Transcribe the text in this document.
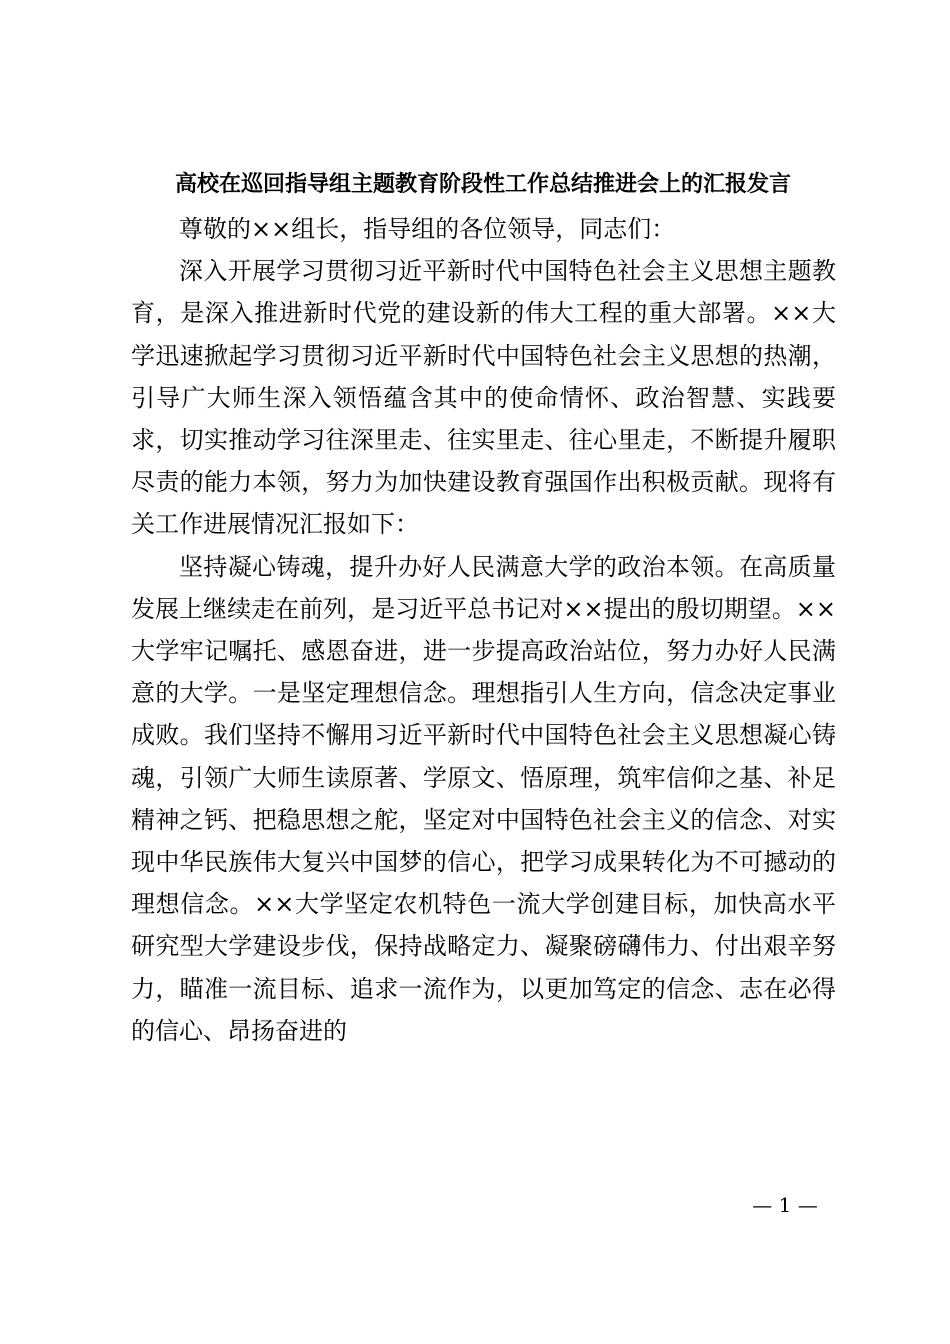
高校在巡回指导组主题教育阶段性工作总结推进会上的汇报发言

尊敬的××组长，指导组的各位领导，同志们：

深入开展学习贯彻习近平新时代中国特色社会主义思想主题教育，是深入推进新时代党的建设新的伟大工程的重大部署。××大学迅速掀起学习贯彻习近平新时代中国特色社会主义思想的热潮，引导广大师生深入领悟蕴含其中的使命情怀、政治智慧、实践要求，切实推动学习往深里走、往实里走、往心里走，不断提升履职尽责的能力本领，努力为加快建设教育强国作出积极贡献。现将有关工作进展情况汇报如下：

坚持凝心铸魂，提升办好人民满意大学的政治本领。在高质量发展上继续走在前列，是习近平总书记对××提出的殷切期望。××大学牢记嘱托、感恩奋进，进一步提高政治站位，努力办好人民满意的大学。一是坚定理想信念。理想指引人生方向，信念决定事业成败。我们坚持不懈用习近平新时代中国特色社会主义思想凝心铸魂，引领广大师生读原著、学原文、悟原理，筑牢信仰之基、补足精神之钙、把稳思想之舵，坚定对中国特色社会主义的信念、对实现中华民族伟大复兴中国梦的信心，把学习成果转化为不可撼动的理想信念。××大学坚定农机特色一流大学创建目标，加快高水平研究型大学建设步伐，保持战略定力、凝聚磅礴伟力、付出艰辛努力，瞄准一流目标、追求一流作为，以更加笃定的信念、志在必得的信心、昂扬奋进的

— 1 —
